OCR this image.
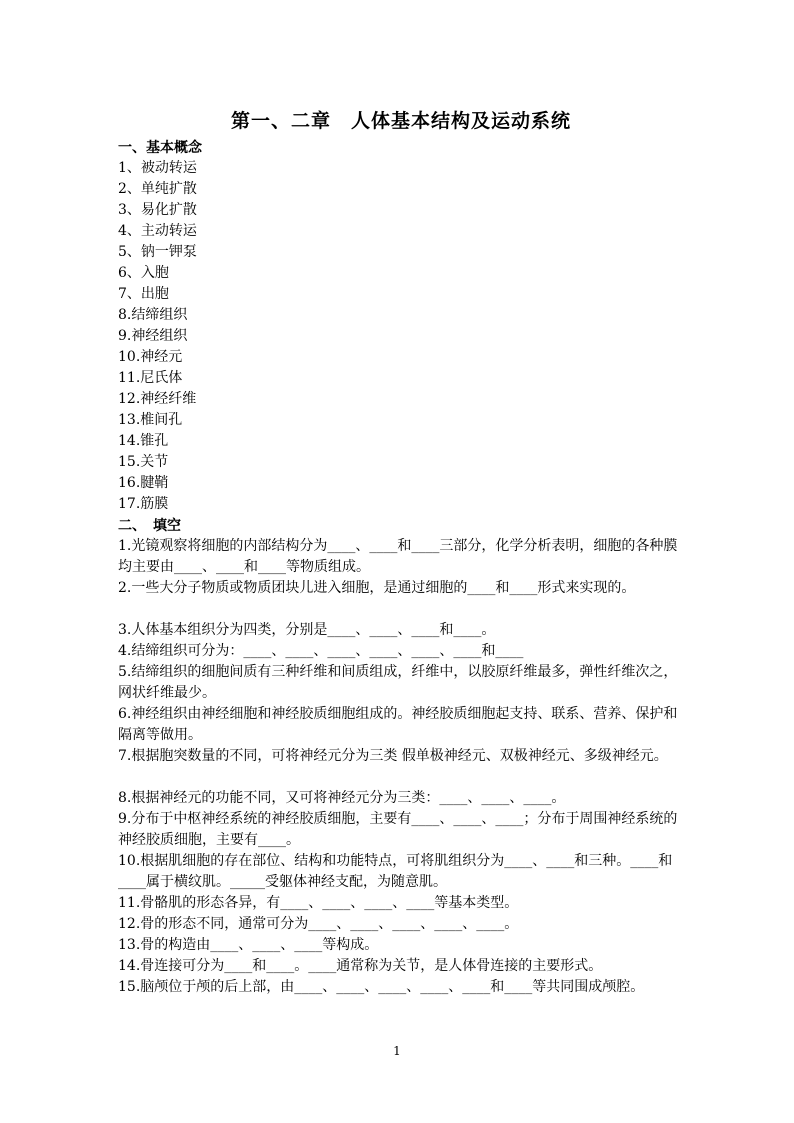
第一、二章　人体基本结构及运动系统
一、基本概念
1、被动转运
2、单纯扩散
3、易化扩散
4、主动转运
5、钠一钾泵
6、入胞
7、出胞
8.结缔组织
9.神经组织
10.神经元
11.尼氏体
12.神经纤维
13.椎间孔
14.锥孔
15.关节
16.腱鞘
17.筋膜
二、　填空
1.光镜观察将细胞的内部结构分为____、____和____三部分，化学分析表明，细胞的各种膜均主要由____、____和____等物质组成。
2.一些大分子物质或物质团块儿进入细胞，是通过细胞的____和____形式来实现的。
3.人体基本组织分为四类，分别是____、____、____和____。
4.结缔组织可分为：____、____、____、____、____、____和____
5.结缔组织的细胞间质有三种纤维和间质组成，纤维中，以胶原纤维最多，弹性纤维次之，网状纤维最少。
6.神经组织由神经细胞和神经胶质细胞组成的。神经胶质细胞起支持、联系、营养、保护和隔离等做用。
7.根据胞突数量的不同，可将神经元分为三类 假单极神经元、双极神经元、多级神经元。
8.根据神经元的功能不同，又可将神经元分为三类：____、____、____。
9.分布于中枢神经系统的神经胶质细胞，主要有____、____、____；分布于周围神经系统的神经胶质细胞，主要有____。
10.根据肌细胞的存在部位、结构和功能特点，可将肌组织分为____、____和三种。____和____属于横纹肌。_____受躯体神经支配，为随意肌。
11.骨骼肌的形态各异，有____、____、____、____等基本类型。
12.骨的形态不同，通常可分为____、____、____、____、____。
13.骨的构造由____、____、____等构成。
14.骨连接可分为____和____。____通常称为关节，是人体骨连接的主要形式。
15.脑颅位于颅的后上部，由____、____、____、____、____和____等共同围成颅腔。
1
